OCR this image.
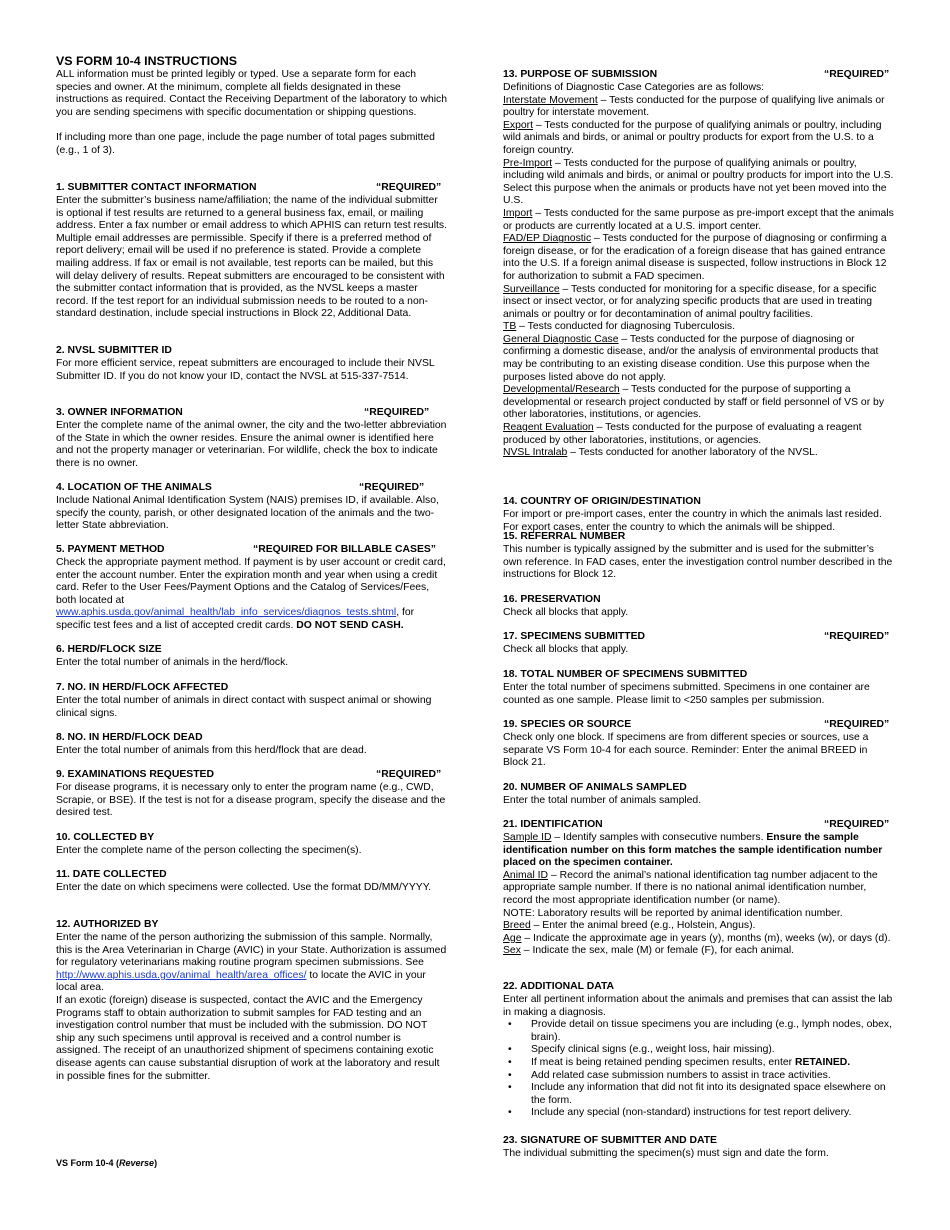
VS FORM 10-4 INSTRUCTIONS

ALL information must be printed legibly or typed. Use a separate form for each species and owner. At the minimum, complete all fields designated in these instructions as required. Contact the Receiving Department of the laboratory to which you are sending specimens with specific documentation or shipping questions.

If including more than one page, include the page number of total pages submitted (e.g., 1 of 3).

1. SUBMITTER CONTACT INFORMATION	“REQUIRED”

Enter the submitter’s business name/affiliation; the name of the individual submitter is optional if test results are returned to a general business fax, email, or mailing address. Enter a fax number or email address to which APHIS can return test results. Multiple email addresses are permissible. Specify if there is a preferred method of report delivery; email will be used if no preference is stated. Provide a complete mailing address. If fax or email is not available, test reports can be mailed, but this will delay delivery of results. Repeat submitters are encouraged to be consistent with the submitter contact information that is provided, as the NVSL keeps a master record. If the test report for an individual submission needs to be routed to a non-standard destination, include special instructions in Block 22, Additional Data.

2. NVSL SUBMITTER ID

For more efficient service, repeat submitters are encouraged to include their NVSL Submitter ID. If you do not know your ID, contact the NVSL at 515-337-7514.

3. OWNER INFORMATION	“REQUIRED”

Enter the complete name of the animal owner, the city and the two-letter abbreviation of the State in which the owner resides. Ensure the animal owner is identified here and not the property manager or veterinarian. For wildlife, check the box to indicate there is no owner.

4. LOCATION OF THE ANIMALS	“REQUIRED”

Include National Animal Identification System (NAIS) premises ID, if available. Also, specify the county, parish, or other designated location of the animals and the two-letter State abbreviation.

5. PAYMENT METHOD	“REQUIRED FOR BILLABLE CASES”

Check the appropriate payment method. If payment is by user account or credit card, enter the account number. Enter the expiration month and year when using a credit card. Refer to the User Fees/Payment Options and the Catalog of Services/Fees, both located at
www.aphis.usda.gov/animal_health/lab_info_services/diagnos_tests.shtml, for specific test fees and a list of accepted credit cards. DO NOT SEND CASH.

6. HERD/FLOCK SIZE

Enter the total number of animals in the herd/flock.

7. NO. IN HERD/FLOCK AFFECTED

Enter the total number of animals in direct contact with suspect animal or showing clinical signs.

8. NO. IN HERD/FLOCK DEAD

Enter the total number of animals from this herd/flock that are dead.

9. EXAMINATIONS REQUESTED	“REQUIRED”

For disease programs, it is necessary only to enter the program name (e.g., CWD, Scrapie, or BSE). If the test is not for a disease program, specify the disease and the desired test.

10. COLLECTED BY

Enter the complete name of the person collecting the specimen(s).

11. DATE COLLECTED

Enter the date on which specimens were collected. Use the format DD/MM/YYYY.

12. AUTHORIZED BY

Enter the name of the person authorizing the submission of this sample. Normally, this is the Area Veterinarian in Charge (AVIC) in your State. Authorization is assumed for regulatory veterinarians making routine program specimen submissions. See
http://www.aphis.usda.gov/animal_health/area_offices/ to locate the AVIC in your local area.

If an exotic (foreign) disease is suspected, contact the AVIC and the Emergency Programs staff to obtain authorization to submit samples for FAD testing and an investigation control number that must be included with the submission. DO NOT ship any such specimens until approval is received and a control number is assigned. The receipt of an unauthorized shipment of specimens containing exotic disease agents can cause substantial disruption of work at the laboratory and result in possible fines for the submitter.

13. PURPOSE OF SUBMISSION	“REQUIRED”

Definitions of Diagnostic Case Categories are as follows:

Interstate Movement – Tests conducted for the purpose of qualifying live animals or poultry for interstate movement.

Export – Tests conducted for the purpose of qualifying animals or poultry, including wild animals and birds, or animal or poultry products for export from the U.S. to a foreign country.

Pre-Import – Tests conducted for the purpose of qualifying animals or poultry, including wild animals and birds, or animal or poultry products for import into the U.S. Select this purpose when the animals or products have not yet been moved into the U.S.

Import – Tests conducted for the same purpose as pre-import except that the animals or products are currently located at a U.S. import center.

FAD/EP Diagnostic – Tests conducted for the purpose of diagnosing or confirming a foreign disease, or for the eradication of a foreign disease that has gained entrance into the U.S. If a foreign animal disease is suspected, follow instructions in Block 12 for authorization to submit a FAD specimen.

Surveillance – Tests conducted for monitoring for a specific disease, for a specific insect or insect vector, or for analyzing specific products that are used in treating animals or poultry or for decontamination of animal poultry facilities.

TB – Tests conducted for diagnosing Tuberculosis.

General Diagnostic Case – Tests conducted for the purpose of diagnosing or confirming a domestic disease, and/or the analysis of environmental products that may be contributing to an existing disease condition. Use this purpose when the purposes listed above do not apply.

Developmental/Research – Tests conducted for the purpose of supporting a developmental or research project conducted by staff or field personnel of VS or by other laboratories, institutions, or agencies.

Reagent Evaluation – Tests conducted for the purpose of evaluating a reagent produced by other laboratories, institutions, or agencies.

NVSL Intralab – Tests conducted for another laboratory of the NVSL.

14. COUNTRY OF ORIGIN/DESTINATION

For import or pre-import cases, enter the country in which the animals last resided. For export cases, enter the country to which the animals will be shipped.

15. REFERRAL NUMBER

This number is typically assigned by the submitter and is used for the submitter’s own reference. In FAD cases, enter the investigation control number described in the instructions for Block 12.

16. PRESERVATION

Check all blocks that apply.

17. SPECIMENS SUBMITTED	“REQUIRED”

Check all blocks that apply.

18. TOTAL NUMBER OF SPECIMENS SUBMITTED

Enter the total number of specimens submitted. Specimens in one container are counted as one sample. Please limit to <250 samples per submission.

19. SPECIES OR SOURCE	“REQUIRED”

Check only one block. If specimens are from different species or sources, use a separate VS Form 10-4 for each source. Reminder: Enter the animal BREED in Block 21.

20. NUMBER OF ANIMALS SAMPLED

Enter the total number of animals sampled.

21. IDENTIFICATION	“REQUIRED”

Sample ID – Identify samples with consecutive numbers. Ensure the sample identification number on this form matches the sample identification number placed on the specimen container.

Animal ID – Record the animal’s national identification tag number adjacent to the appropriate sample number. If there is no national animal identification number, record the most appropriate identification number (or name).

NOTE: Laboratory results will be reported by animal identification number.

Breed – Enter the animal breed (e.g., Holstein, Angus).

Age – Indicate the approximate age in years (y), months (m), weeks (w), or days (d).

Sex – Indicate the sex, male (M) or female (F), for each animal.

22. ADDITIONAL DATA

Enter all pertinent information about the animals and premises that can assist the lab in making a diagnosis.

• Provide detail on tissue specimens you are including (e.g., lymph nodes, obex, brain).
• Specify clinical signs (e.g., weight loss, hair missing).
• If meat is being retained pending specimen results, enter RETAINED.
• Add related case submission numbers to assist in trace activities.
• Include any information that did not fit into its designated space elsewhere on the form.
• Include any special (non-standard) instructions for test report delivery.
23. SIGNATURE OF SUBMITTER AND DATE

The individual submitting the specimen(s) must sign and date the form.

VS Form 10-4 (Reverse)
